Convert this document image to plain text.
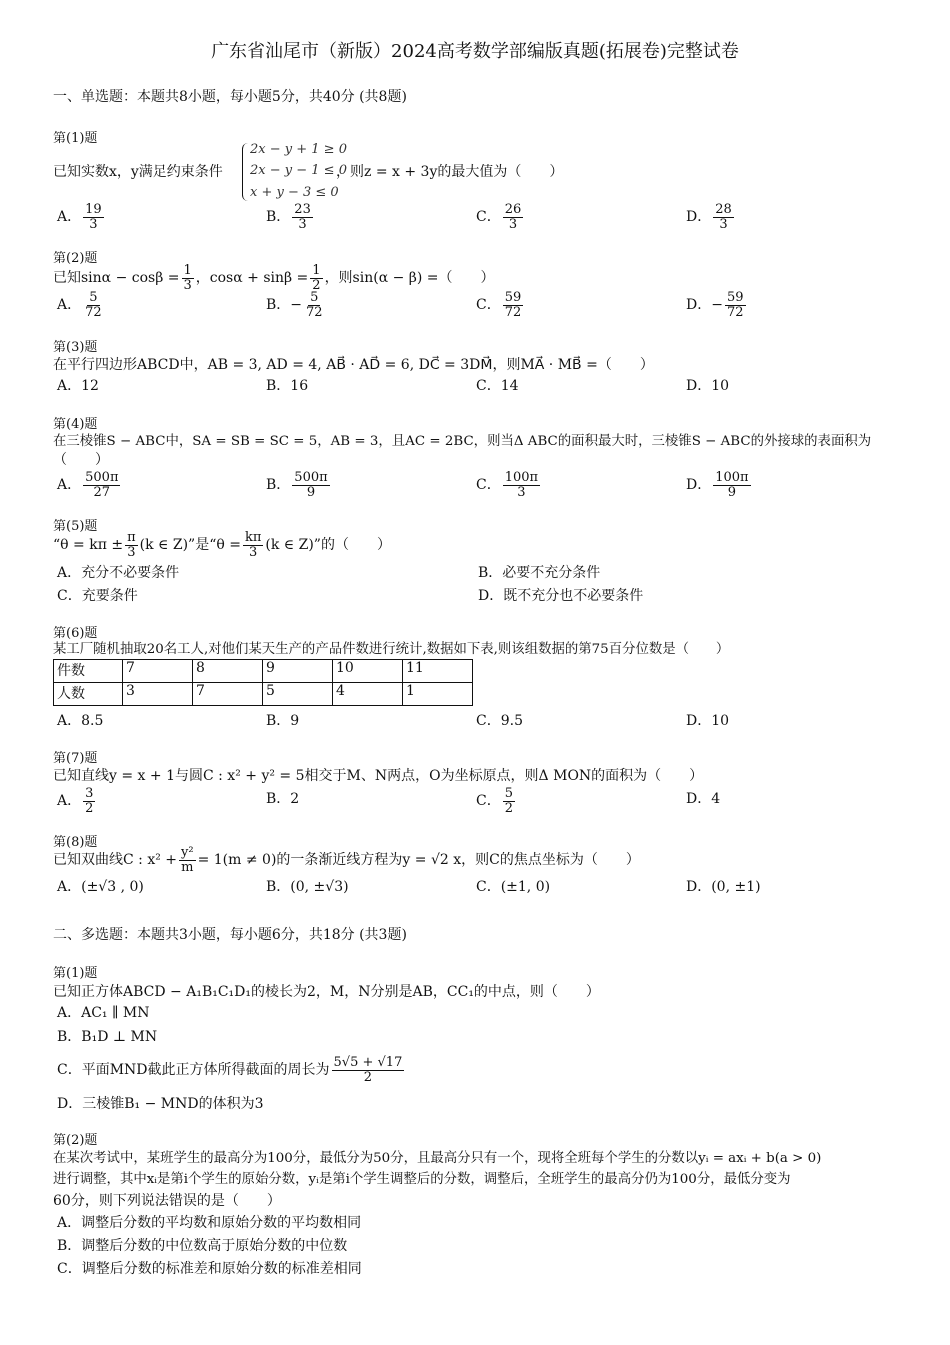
广东省汕尾市（新版）2024高考数学部编版真题(拓展卷)完整试卷
一、单选题：本题共8小题，每小题5分，共40分 (共8题)
第(1)题
已知实数x，y满足约束条件
2x − y + 1 ≥ 0
2x − y − 1 ≤ 0
x + y − 3 ≤ 0
，则z = x + 3y的最大值为（　　）
A． $\frac{19}{3}$	B． $\frac{23}{3}$	C． $\frac{26}{3}$	D． $\frac{28}{3}$
第(2)题
已知$\sin\alpha - \cos\beta = \frac{1}{3}$ ，$\cos\alpha + \sin\beta = \frac{1}{2}$ ，则sin(α − β) =（　　）
A． $\frac{5}{72}$	B．− $\frac{5}{72}$	C． $\frac{59}{72}$	D．− $\frac{59}{72}$
第(3)题
在平行四边形ABCD中，AB = 3, AD = 4, AB⃗ · AD⃗ = 6, DC⃗ = 3DM⃗，则MA⃗ · MB⃗ =（　　）
A．12	B．16	C．14	D．10
第(4)题
在三棱锥S − ABC中，SA = SB = SC = 5，AB = 3，且AC = 2BC，则当Δ ABC的面积最大时，三棱锥S − ABC的外接球的表面积为
（　　）
A． $\frac{500\pi}{27}$	B． $\frac{500\pi}{9}$	C． $\frac{100\pi}{3}$	D． $\frac{100\pi}{9}$
第(5)题
“$\theta = k\pi \pm \frac{\pi}{3} (k$ ∈ Z)”是“$\theta = \frac{k\pi}{3} (k$ ∈ Z)”的（　　）
A．充分不必要条件	B．必要不充分条件
C．充要条件	D．既不充分也不必要条件
第(6)题
某工厂随机抽取20名工人,对他们某天生产的产品件数进行统计,数据如下表,则该组数据的第75百分位数是（　　）
件数	7	8	9	10	11
人数	3	7	5	4	1
A．8.5	B．9	C．9.5	D．10
第(7)题
已知直线y = x + 1与圆C : x² + y² = 5相交于M、N两点，O为坐标原点，则Δ MON的面积为（　　）
A． $\frac{3}{2}$	B．2	C． $\frac{5}{2}$	D．4
第(8)题
已知双曲线C : $x^2 + \frac{\text{y²}}{m} = 1(m \ne 0)$的一条渐近线方程为y = √2 x，则C的焦点坐标为（　　）
A．(±√3 , 0)	B．(0, ±√3)	C．(±1, 0)	D．(0, ±1)
二、多选题：本题共3小题，每小题6分，共18分 (共3题)
第(1)题
已知正方体ABCD − A₁B₁C₁D₁的棱长为2，M，N分别是AB，CC₁的中点，则（　　）
A．AC₁ ∥ MN
B．B₁D ⊥ MN
C．平面MND截此正方体所得截面的周长为 $\frac{5√5 + √17}{2}$
D．三棱锥B₁ − MND的体积为3
第(2)题
在某次考试中，某班学生的最高分为100分，最低分为50分，且最高分只有一个，现将全班每个学生的分数以yᵢ = axᵢ + b(a > 0)
进行调整，其中xᵢ是第i个学生的原始分数，yᵢ是第i个学生调整后的分数，调整后，全班学生的最高分仍为100分，最低分变为
60分，则下列说法错误的是（　　）
A．调整后分数的平均数和原始分数的平均数相同
B．调整后分数的中位数高于原始分数的中位数
C．调整后分数的标准差和原始分数的标准差相同
